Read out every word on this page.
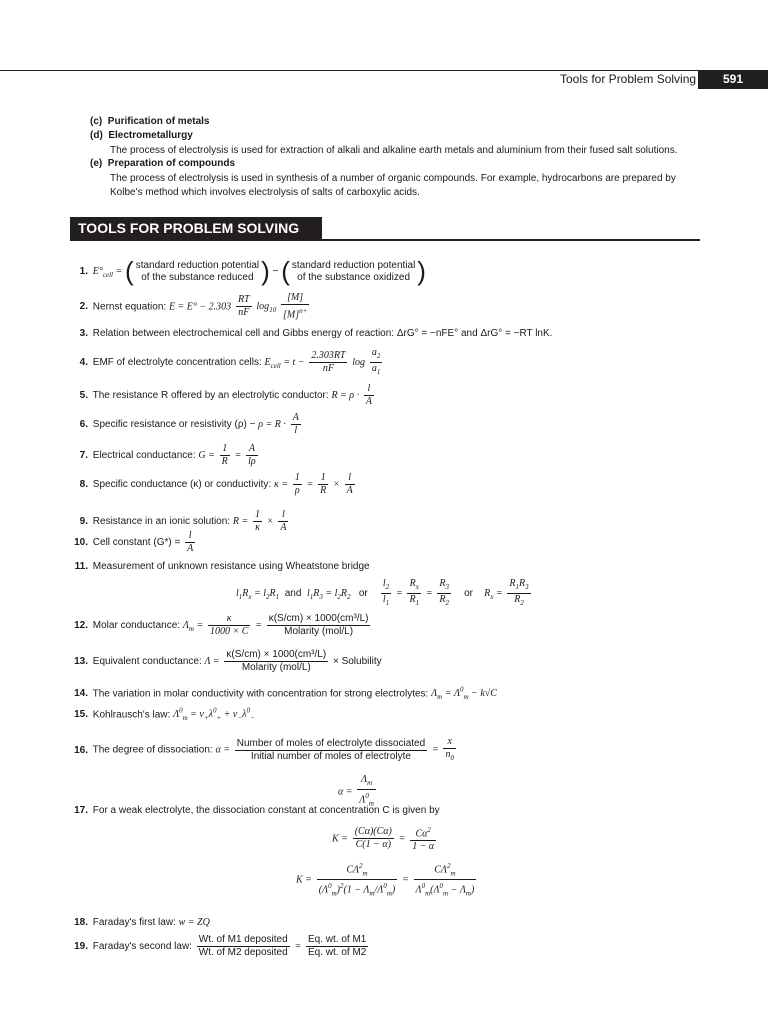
Tools for Problem Solving	591
(c) Purification of metals
(d) Electrometallurgy
The process of electrolysis is used for extraction of alkali and alkaline earth metals and aluminium from their fused salt solutions.
(e) Preparation of compounds
The process of electrolysis is used in synthesis of a number of organic compounds. For example, hydrocarbons are prepared by Kolbe's method which involves electrolysis of salts of carboxylic acids.
TOOLS FOR PROBLEM SOLVING
1. $E^\circ_{cell}$ = ( standard reduction potential
of the substance reduced ) − ( standard reduction potential
of the substance oxidized )
2. Nernst equation: $E = E^\circ - 2.303 \frac{RT}{nF} \log_{10} \frac{[M]}{[M]^{n+}}$
3. Relation between electrochemical cell and Gibbs energy of reaction: ΔrG° = −nFE° and ΔrG° = −RT lnK.
4. EMF of electrolyte concentration cells: $E_{cell} = t - \frac{2.303RT}{nF}$ $\log \frac{a_2}{a_1}$
5. The resistance R offered by an electrolytic conductor: $R = \rho \cdot \frac{l}{A}$
6. Specific resistance or resistivity $(\rho) - \rho = R \cdot \frac{A}{l}$
7. Electrical conductance: $G = \frac{1}{R} = \frac{A}{l\rho}$
8. Specific conductance (κ) or conductivity: $\kappa = \frac{1}{\rho} = \frac{1}{R} \times \frac{l}{A}$
9. Resistance in an ionic solution: $R = \frac{1}{\kappa} \times \frac{l}{A}$
10. Cell constant $(G*) = \frac{l}{A}$
11. Measurement of unknown resistance using Wheatstone bridge
$l_1R_x = l_2R_1$ and $l_1R_3 = l_2R_2$ or $\frac{l_2}{l_1} = \frac{R_x}{R_1} = \frac{R_3}{R_2}$ or $R_x = \frac{R_1R_3}{R_2}$
12. Molar conductance: $\Lambda_m = \frac{\kappa}{1000 \times C} = \frac{\text{κ(S/cm) × 1000(cm³/L)}}{\text{Molarity (mol/L)}}$
13. Equivalent conductance: $\Lambda = \frac{\text{κ(S/cm) × 1000(cm³/L)}}{\text{Molarity (mol/L)}}$ × Solubility
14. The variation in molar conductivity with concentration for strong electrolytes: $\Lambda_m = \Lambda^0_m - k√C$
15. Kohlrausch's law: $\Lambda^0_m = \nu_+\lambda^0_+ + \nu_-\lambda^0_-$
16. The degree of dissociation: $\alpha = \frac{\text{Number of moles of electrolyte dissociated}}{\text{Initial number of moles of electrolyte}} = \frac{x}{n_0}$
$\alpha = \frac{\Lambda_m}{\Lambda^0_m}$
17. For a weak electrolyte, the dissociation constant at concentration C is given by
$K = \frac{(C\alpha)(C\alpha)}{C(1 - \alpha)} = \frac{C\alpha^2}{1 - \alpha}$
$K = \frac{C\Lambda^2_m}{(\Lambda^0_m)^2(1 - \Lambda_m/\Lambda^0_m)} = \frac{C\Lambda^2_m}{\Lambda^0_m(\Lambda^0_m - \Lambda_m)}$
18. Faraday's first law: w = ZQ
19. Faraday's second law: $\frac{\text{Wt. of M1 deposited}}{\text{Wt. of M2 deposited}} = \frac{\text{Eq. wt. of M1}}{\text{Eq. wt. of M2}}$
